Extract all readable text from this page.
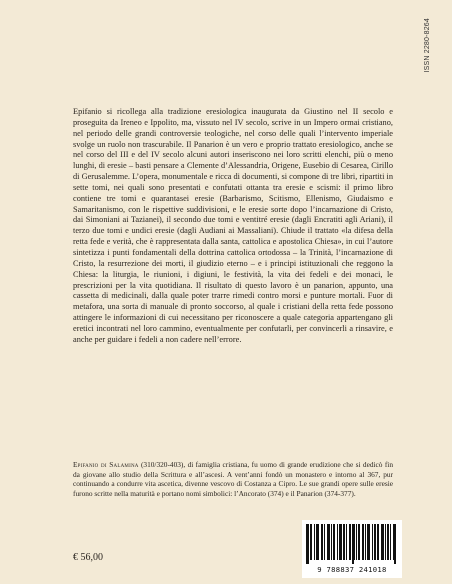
ISSN 2280-8264

Epifanio si ricollega alla tradizione eresiologica inaugurata da Giustino nel II secolo e proseguita da Ireneo e Ippolito, ma, vissuto nel IV secolo, scrive in un Impero ormai cristiano, nel periodo delle grandi controversie teologiche, nel corso delle quali l’intervento imperiale svolge un ruolo non trascurabile. Il Panarion è un vero e proprio trattato eresiologico, anche se nel corso del III e del IV secolo alcuni autori inseriscono nei loro scritti elenchi, più o meno lunghi, di eresie – basti pensare a Clemente d’Alessandria, Origene, Eusebio di Cesarea, Cirillo di Gerusalemme. L’opera, monumentale e ricca di documenti, si compone di tre libri, ripartiti in sette tomi, nei quali sono presentati e confutati ottanta tra eresie e scismi: il primo libro contiene tre tomi e quarantasei eresie (Barbarismo, Scitismo, Ellenismo, Giudaismo e Samaritanismo, con le rispettive suddivisioni, e le eresie sorte dopo l’incarnazione di Cristo, dai Simoniani ai Tazianei), il secondo due tomi e ventitré eresie (dagli Encratiti agli Ariani), il terzo due tomi e undici eresie (dagli Audiani ai Massaliani). Chiude il trattato «la difesa della retta fede e verità, che è rappresentata dalla santa, cattolica e apostolica Chiesa», in cui l’autore sintetizza i punti fondamentali della dottrina cattolica ortodossa – la Trinità, l’incarnazione di Cristo, la resurrezione dei morti, il giudizio eterno – e i principi istituzionali che reggono la Chiesa: la liturgia, le riunioni, i digiuni, le festività, la vita dei fedeli e dei monaci, le prescrizioni per la vita quotidiana. Il risultato di questo lavoro è un panarion, appunto, una cassetta di medicinali, dalla quale poter trarre rimedi contro morsi e punture mortali. Fuor di metafora, una sorta di manuale di pronto soccorso, al quale i cristiani della retta fede possono attingere le informazioni di cui necessitano per riconoscere a quale categoria appartengano gli eretici incontrati nel loro cammino, eventualmente per confutarli, per convincerli a rinsavire, e anche per guidare i fedeli a non cadere nell’errore.

Epifanio di Salamina (310/320-403), di famiglia cristiana, fu uomo di grande erudizione che si dedicò fin da giovane allo studio della Scrittura e all’ascesi. A vent’anni fondò un monastero e intorno al 367, pur continuando a condurre vita ascetica, divenne vescovo di Costanza a Cipro. Le sue grandi opere sulle eresie furono scritte nella maturità e portano nomi simbolici: l’Ancorato (374) e il Panarion (374-377).

€ 56,00
9 788837 241018
